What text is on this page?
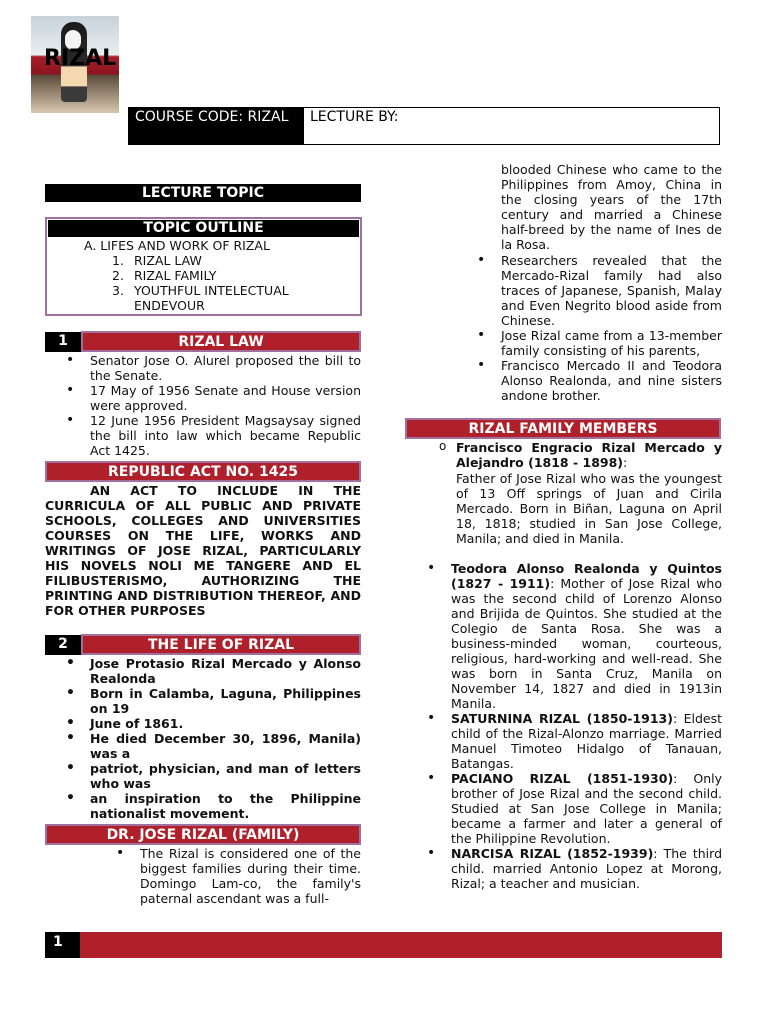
RIZAL
COURSE CODE: RIZAL	LECTURE BY:
LECTURE TOPIC
TOPIC OUTLINE
A. LIFES AND WORK OF RIZAL
1. RIZAL LAW
2. RIZAL FAMILY
3. YOUTHFUL INTELECTUAL ENDEVOUR
1	RIZAL LAW
• Senator Jose O. Alurel proposed the bill to the Senate.
• 17 May of 1956 Senate and House version were approved.
• 12 June 1956 President Magsaysay signed the bill into law which became Republic Act 1425.
REPUBLIC ACT NO. 1425
AN ACT TO INCLUDE IN THE CURRICULA OF ALL PUBLIC AND PRIVATE SCHOOLS, COLLEGES AND UNIVERSITIES COURSES ON THE LIFE, WORKS AND WRITINGS OF JOSE RIZAL, PARTICULARLY HIS NOVELS NOLI ME TANGERE AND EL FILIBUSTERISMO, AUTHORIZING THE PRINTING AND DISTRIBUTION THEREOF, AND FOR OTHER PURPOSES
2	THE LIFE OF RIZAL
• Jose Protasio Rizal Mercado y Alonso Realonda
• Born in Calamba, Laguna, Philippines on 19
• June of 1861.
• He died December 30, 1896, Manila) was a
• patriot, physician, and man of letters who was
• an inspiration to the Philippine nationalist movement.
DR. JOSE RIZAL (FAMILY)
• The Rizal is considered one of the biggest families during their time. Domingo Lam-co, the family's paternal ascendant was a full-
blooded Chinese who came to the Philippines from Amoy, China in the closing years of the 17th century and married a Chinese half-breed by the name of Ines de la Rosa.
• Researchers revealed that the Mercado-Rizal family had also traces of Japanese, Spanish, Malay and Even Negrito blood aside from Chinese.
• Jose Rizal came from a 13-member family consisting of his parents,
• Francisco Mercado II and Teodora Alonso Realonda, and nine sisters andone brother.
RIZAL FAMILY MEMBERS
o Francisco Engracio Rizal Mercado y Alejandro (1818 - 1898):
Father of Jose Rizal who was the youngest of 13 Off springs of Juan and Cirila Mercado. Born in Biñan, Laguna on April 18, 1818; studied in San Jose College, Manila; and died in Manila.
• Teodora Alonso Realonda y Quintos (1827 - 1911): Mother of Jose Rizal who was the second child of Lorenzo Alonso and Brijida de Quintos. She studied at the Colegio de Santa Rosa. She was a business-minded woman, courteous, religious, hard-working and well-read. She was born in Santa Cruz, Manila on November 14, 1827 and died in 1913in Manila.
• SATURNINA RIZAL (1850-1913): Eldest child of the Rizal-Alonzo marriage. Married Manuel Timoteo Hidalgo of Tanauan, Batangas.
• PACIANO RIZAL (1851-1930): Only brother of Jose Rizal and the second child. Studied at San Jose College in Manila; became a farmer and later a general of the Philippine Revolution.
• NARCISA RIZAL (1852-1939): The third child. married Antonio Lopez at Morong, Rizal; a teacher and musician.
1
